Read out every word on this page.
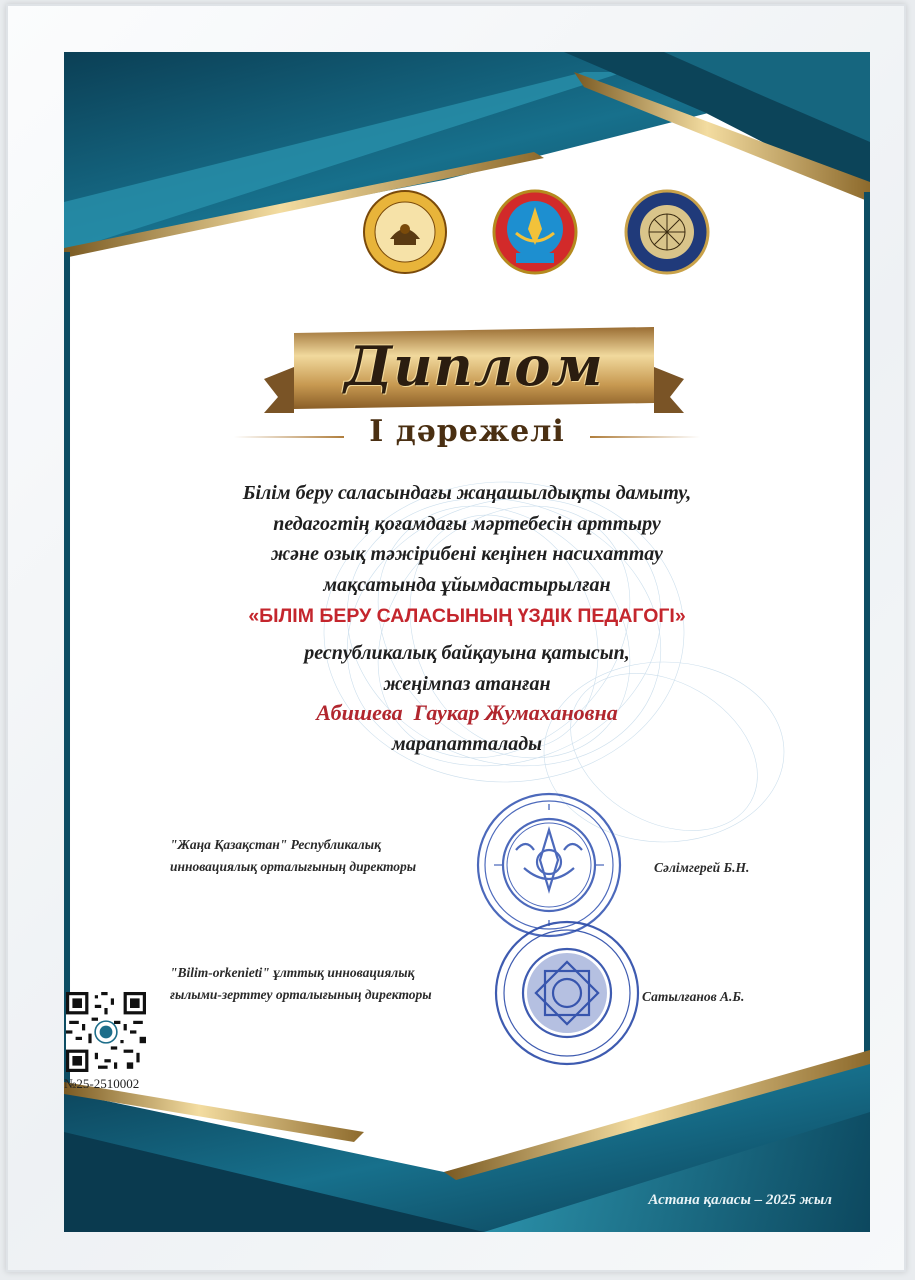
Диплом
І дәрежелі
Білім беру саласындағы жаңашылдықты дамыту,
педагогтің қоғамдағы мәртебесін арттыру
және озық тәжірибені кеңінен насихаттау
мақсатында ұйымдастырылған
«БІЛІМ БЕРУ САЛАСЫНЫҢ ҮЗДІК ПЕДАГОГІ»
республикалық байқауына қатысып,
жеңімпаз атанған
Абишева  Гаукар Жумахановна
марапатталады
"Жаңа Қазақстан" Республикалық
инновациялық орталығының директоры	Сәлімгерей Б.Н.
"Bilim-orkenieti" ұлттық инновациялық
ғылыми-зерттеу орталығының директоры	Сатылғанов А.Б.
№25-2510002
Астана қаласы – 2025 жыл
